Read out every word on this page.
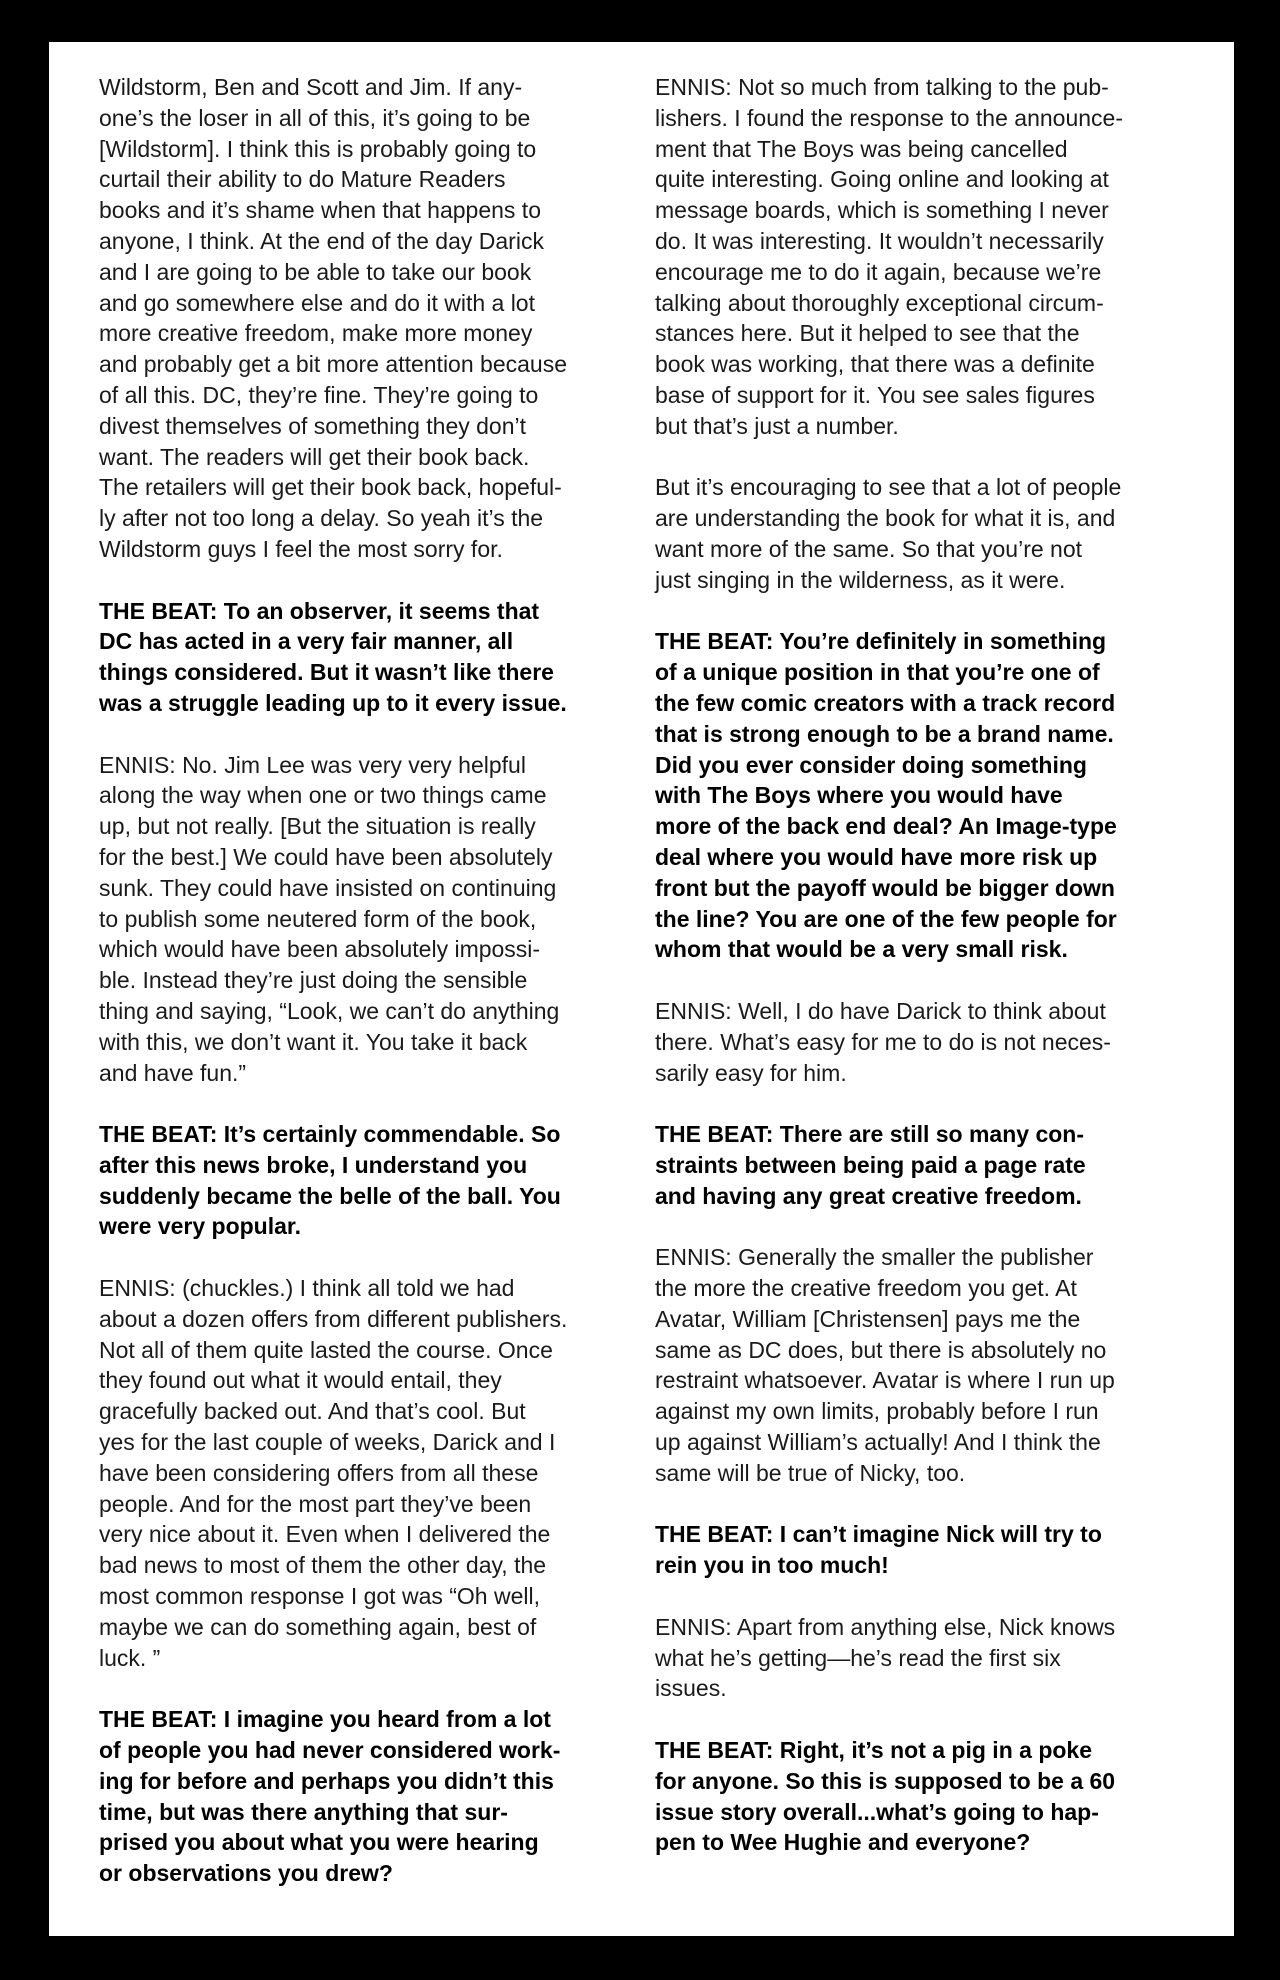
Wildstorm, Ben and Scott and Jim. If any-
one’s the loser in all of this, it’s going to be
[Wildstorm]. I think this is probably going to
curtail their ability to do Mature Readers
books and it’s shame when that happens to
anyone, I think. At the end of the day Darick
and I are going to be able to take our book
and go somewhere else and do it with a lot
more creative freedom, make more money
and probably get a bit more attention because
of all this. DC, they’re fine. They’re going to
divest themselves of something they don’t
want. The readers will get their book back.
The retailers will get their book back, hopeful-
ly after not too long a delay. So yeah it’s the
Wildstorm guys I feel the most sorry for.

THE BEAT: To an observer, it seems that
DC has acted in a very fair manner, all
things considered. But it wasn’t like there
was a struggle leading up to it every issue.

ENNIS: No. Jim Lee was very very helpful
along the way when one or two things came
up, but not really. [But the situation is really
for the best.] We could have been absolutely
sunk. They could have insisted on continuing
to publish some neutered form of the book,
which would have been absolutely impossi-
ble. Instead they’re just doing the sensible
thing and saying, “Look, we can’t do anything
with this, we don’t want it. You take it back
and have fun.”

THE BEAT: It’s certainly commendable. So
after this news broke, I understand you
suddenly became the belle of the ball. You
were very popular.

ENNIS: (chuckles.) I think all told we had
about a dozen offers from different publishers.
Not all of them quite lasted the course. Once
they found out what it would entail, they
gracefully backed out. And that’s cool. But
yes for the last couple of weeks, Darick and I
have been considering offers from all these
people. And for the most part they’ve been
very nice about it. Even when I delivered the
bad news to most of them the other day, the
most common response I got was “Oh well,
maybe we can do something again, best of
luck. ”

THE BEAT: I imagine you heard from a lot
of people you had never considered work-
ing for before and perhaps you didn’t this
time, but was there anything that sur-
prised you about what you were hearing
or observations you drew?

ENNIS: Not so much from talking to the pub-
lishers. I found the response to the announce-
ment that The Boys was being cancelled
quite interesting. Going online and looking at
message boards, which is something I never
do. It was interesting. It wouldn’t necessarily
encourage me to do it again, because we’re
talking about thoroughly exceptional circum-
stances here. But it helped to see that the
book was working, that there was a definite
base of support for it. You see sales figures
but that’s just a number.

But it’s encouraging to see that a lot of people
are understanding the book for what it is, and
want more of the same. So that you’re not
just singing in the wilderness, as it were.

THE BEAT: You’re definitely in something
of a unique position in that you’re one of
the few comic creators with a track record
that is strong enough to be a brand name.
Did you ever consider doing something
with The Boys where you would have
more of the back end deal? An Image-type
deal where you would have more risk up
front but the payoff would be bigger down
the line? You are one of the few people for
whom that would be a very small risk.

ENNIS: Well, I do have Darick to think about
there. What’s easy for me to do is not neces-
sarily easy for him.

THE BEAT: There are still so many con-
straints between being paid a page rate
and having any great creative freedom.

ENNIS: Generally the smaller the publisher
the more the creative freedom you get. At
Avatar, William [Christensen] pays me the
same as DC does, but there is absolutely no
restraint whatsoever. Avatar is where I run up
against my own limits, probably before I run
up against William’s actually! And I think the
same will be true of Nicky, too.

THE BEAT: I can’t imagine Nick will try to
rein you in too much!

ENNIS: Apart from anything else, Nick knows
what he’s getting—he’s read the first six
issues.

THE BEAT: Right, it’s not a pig in a poke
for anyone. So this is supposed to be a 60
issue story overall...what’s going to hap-
pen to Wee Hughie and everyone?
